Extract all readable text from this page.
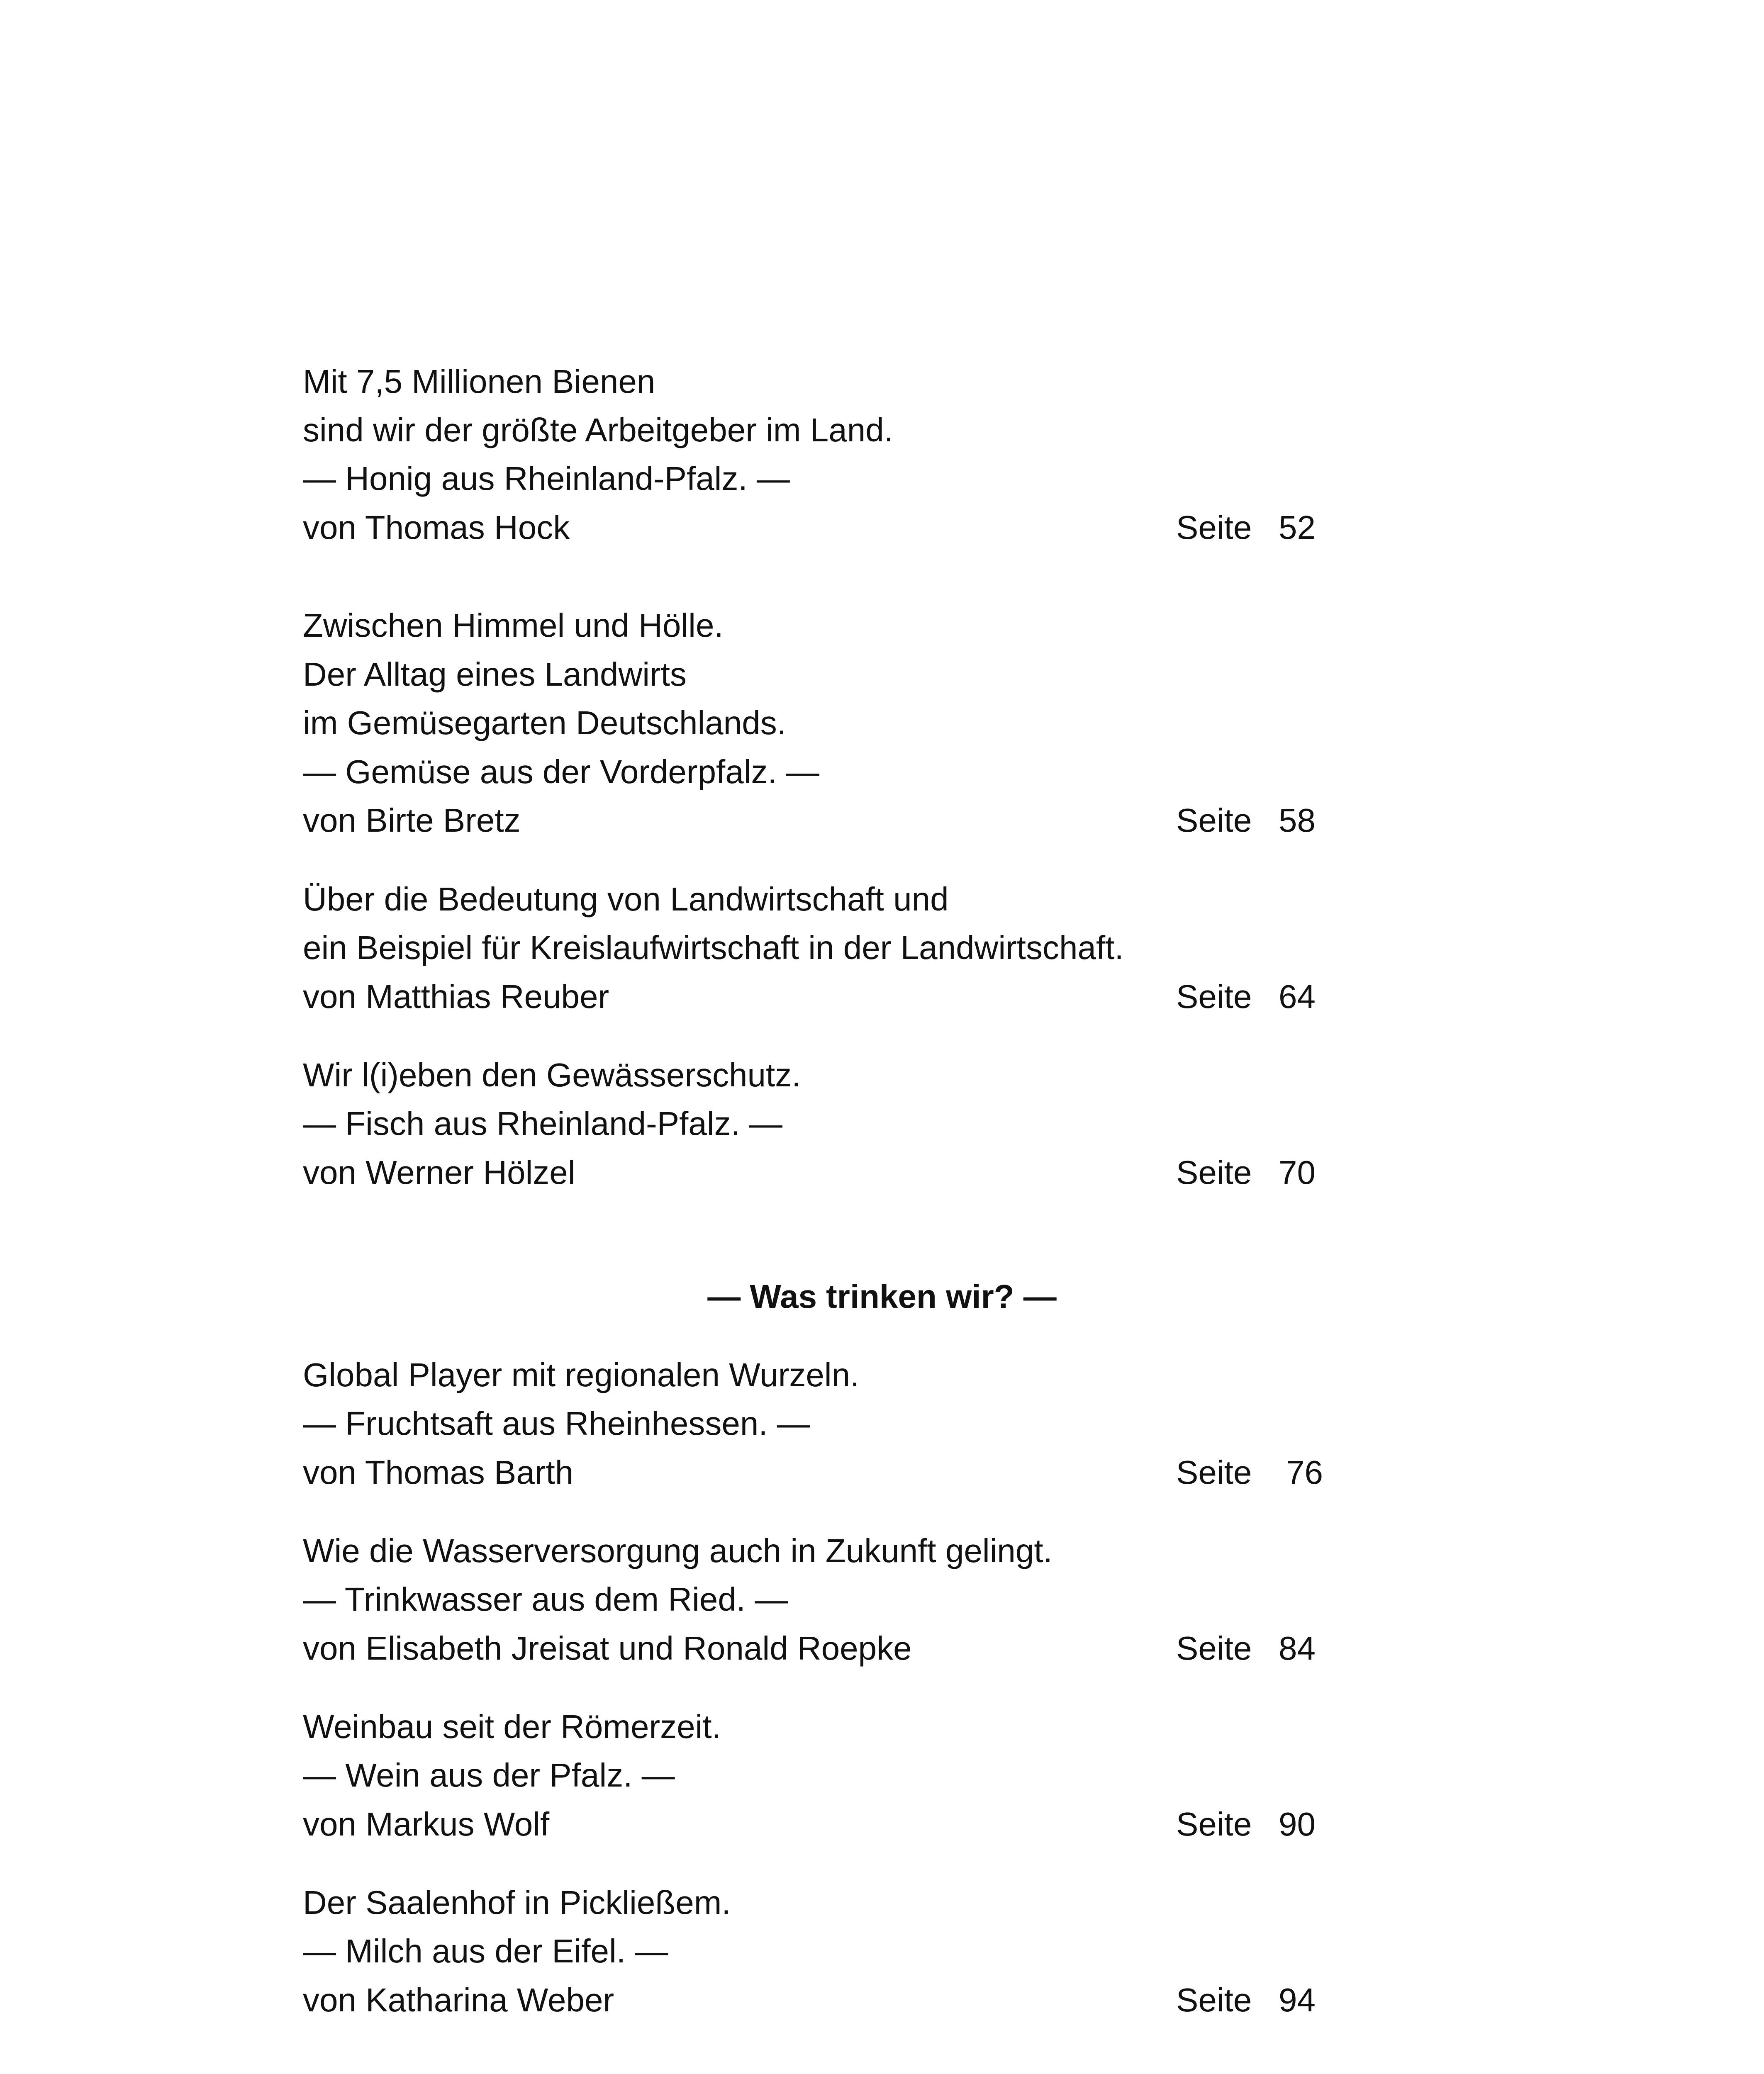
Mit 7,5 Millionen Bienen
sind wir der größte Arbeitgeber im Land.
— Honig aus Rheinland-Pfalz. —
von Thomas Hock	Seite 52
Zwischen Himmel und Hölle.
Der Alltag eines Landwirts
im Gemüsegarten Deutschlands.
— Gemüse aus der Vorderpfalz. —
von Birte Bretz	Seite 58
Über die Bedeutung von Landwirtschaft und
ein Beispiel für Kreislaufwirtschaft in der Landwirtschaft.
von Matthias Reuber	Seite 64
Wir l(i)eben den Gewässerschutz.
— Fisch aus Rheinland-Pfalz. —
von Werner Hölzel	Seite 70
— Was trinken wir? —
Global Player mit regionalen Wurzeln.
— Fruchtsaft aus Rheinhessen. —
von Thomas Barth	Seite 76
Wie die Wasserversorgung auch in Zukunft gelingt.
— Trinkwasser aus dem Ried. —
von Elisabeth Jreisat und Ronald Roepke	Seite 84
Weinbau seit der Römerzeit.
— Wein aus der Pfalz. —
von Markus Wolf	Seite 90
Der Saalenhof in Pickließem.
— Milch aus der Eifel. —
von Katharina Weber	Seite 94
